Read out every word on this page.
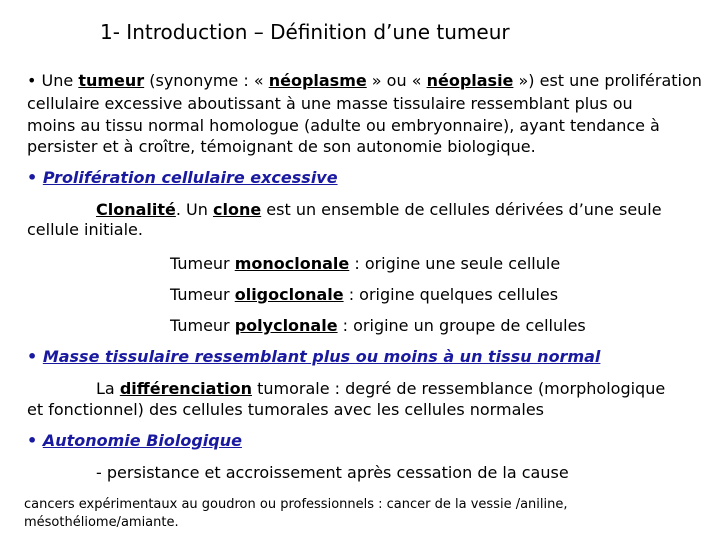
1- Introduction – Définition d’une tumeur
• Une tumeur (synonyme : « néoplasme » ou « néoplasie ») est une prolifération
cellulaire excessive aboutissant à une masse tissulaire ressemblant plus ou
moins au tissu normal homologue (adulte ou embryonnaire), ayant tendance à
persister et à croître, témoignant de son autonomie biologique.
• Prolifération cellulaire excessive
Clonalité. Un clone est un ensemble de cellules dérivées d’une seule
cellule initiale.
Tumeur monoclonale : origine une seule cellule
Tumeur oligoclonale : origine quelques cellules
Tumeur polyclonale : origine un groupe de cellules
• Masse tissulaire ressemblant plus ou moins à un tissu normal
La différenciation tumorale : degré de ressemblance (morphologique
et fonctionnel) des cellules tumorales avec les cellules normales
• Autonomie Biologique
- persistance et accroissement après cessation de la cause
cancers expérimentaux au goudron ou professionnels : cancer de la vessie /aniline,
mésothéliome/amiante.
